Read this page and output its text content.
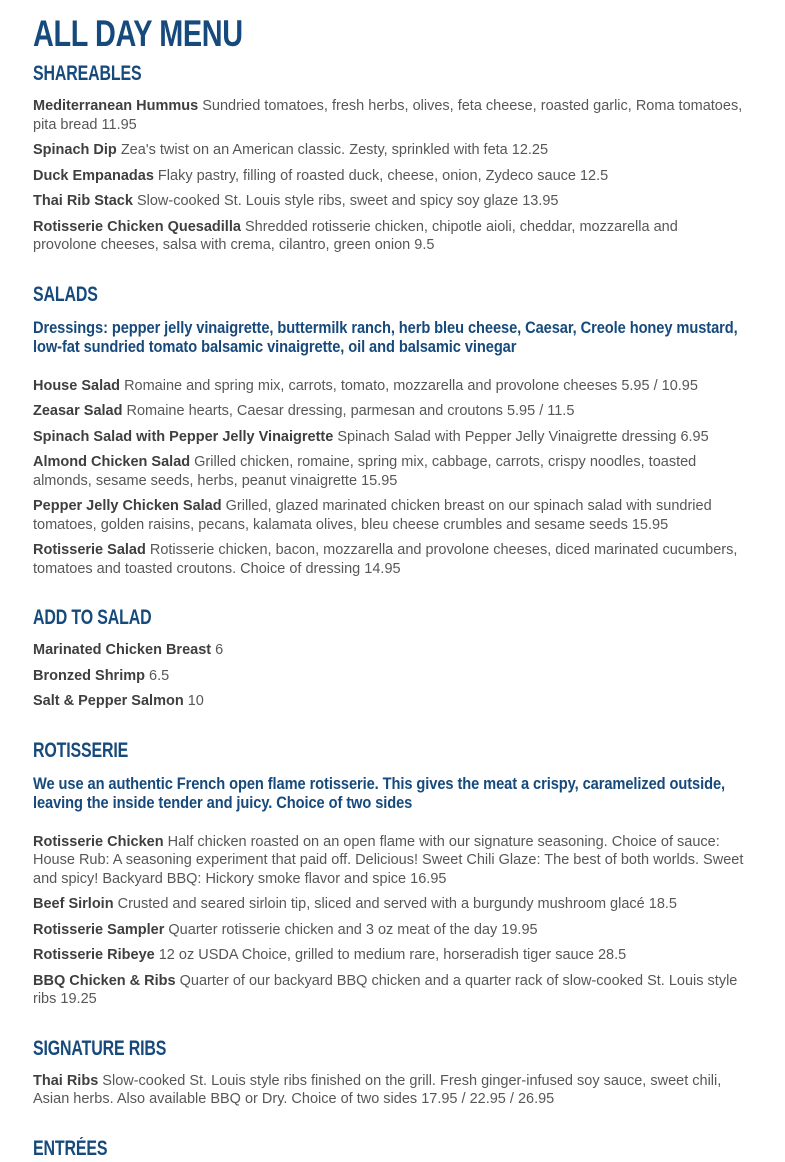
ALL DAY MENU
SHAREABLES

Mediterranean Hummus Sundried tomatoes, fresh herbs, olives, feta cheese, roasted garlic, Roma tomatoes, pita bread 11.95

Spinach Dip Zea's twist on an American classic. Zesty, sprinkled with feta 12.25

Duck Empanadas Flaky pastry, filling of roasted duck, cheese, onion, Zydeco sauce 12.5

Thai Rib Stack Slow-cooked St. Louis style ribs, sweet and spicy soy glaze 13.95

Rotisserie Chicken Quesadilla Shredded rotisserie chicken, chipotle aioli, cheddar, mozzarella and provolone cheeses, salsa with crema, cilantro, green onion 9.5

SALADS

Dressings: pepper jelly vinaigrette, buttermilk ranch, herb bleu cheese, Caesar, Creole honey mustard, low-fat sundried tomato balsamic vinaigrette, oil and balsamic vinegar

House Salad Romaine and spring mix, carrots, tomato, mozzarella and provolone cheeses 5.95 / 10.95

Zeasar Salad Romaine hearts, Caesar dressing, parmesan and croutons 5.95 / 11.5

Spinach Salad with Pepper Jelly Vinaigrette Spinach Salad with Pepper Jelly Vinaigrette dressing 6.95

Almond Chicken Salad Grilled chicken, romaine, spring mix, cabbage, carrots, crispy noodles, toasted almonds, sesame seeds, herbs, peanut vinaigrette 15.95

Pepper Jelly Chicken Salad Grilled, glazed marinated chicken breast on our spinach salad with sundried tomatoes, golden raisins, pecans, kalamata olives, bleu cheese crumbles and sesame seeds 15.95

Rotisserie Salad Rotisserie chicken, bacon, mozzarella and provolone cheeses, diced marinated cucumbers, tomatoes and toasted croutons. Choice of dressing 14.95

ADD TO SALAD

Marinated Chicken Breast 6

Bronzed Shrimp 6.5

Salt & Pepper Salmon 10

ROTISSERIE

We use an authentic French open flame rotisserie. This gives the meat a crispy, caramelized outside, leaving the inside tender and juicy. Choice of two sides

Rotisserie Chicken Half chicken roasted on an open flame with our signature seasoning. Choice of sauce: House Rub: A seasoning experiment that paid off. Delicious! Sweet Chili Glaze: The best of both worlds. Sweet and spicy! Backyard BBQ: Hickory smoke flavor and spice 16.95

Beef Sirloin Crusted and seared sirloin tip, sliced and served with a burgundy mushroom glacé 18.5

Rotisserie Sampler Quarter rotisserie chicken and 3 oz meat of the day 19.95

Rotisserie Ribeye 12 oz USDA Choice, grilled to medium rare, horseradish tiger sauce 28.5

BBQ Chicken & Ribs Quarter of our backyard BBQ chicken and a quarter rack of slow-cooked St. Louis style ribs 19.25

SIGNATURE RIBS

Thai Ribs Slow-cooked St. Louis style ribs finished on the grill. Fresh ginger-infused soy sauce, sweet chili, Asian herbs. Also available BBQ or Dry. Choice of two sides 17.95 / 22.95 / 26.95

ENTRÉES
